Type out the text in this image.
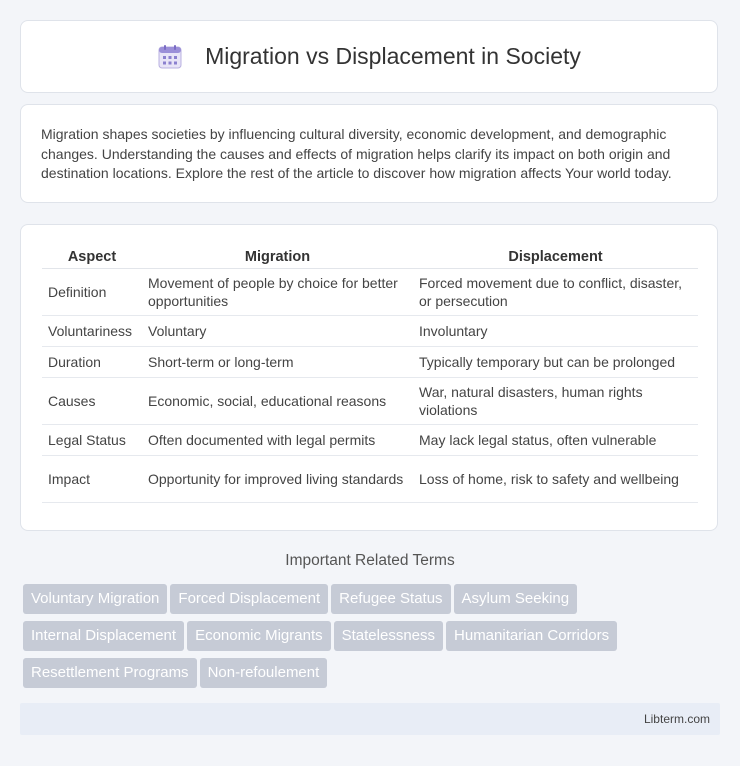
Migration vs Displacement in Society

Migration shapes societies by influencing cultural diversity, economic development, and demographic changes. Understanding the causes and effects of migration helps clarify its impact on both origin and destination locations. Explore the rest of the article to discover how migration affects Your world today.

Aspect	Migration	Displacement
Definition	Movement of people by choice for better opportunities	Forced movement due to conflict, disaster, or persecution
Voluntariness	Voluntary	Involuntary
Duration	Short-term or long-term	Typically temporary but can be prolonged
Causes	Economic, social, educational reasons	War, natural disasters, human rights violations
Legal Status	Often documented with legal permits	May lack legal status, often vulnerable
Impact	Opportunity for improved living standards	Loss of home, risk to safety and wellbeing
Important Related Terms
Voluntary Migration Forced Displacement Refugee Status Asylum Seeking
Internal Displacement Economic Migrants Statelessness Humanitarian Corridors
Resettlement Programs Non-refoulement
Libterm.com
